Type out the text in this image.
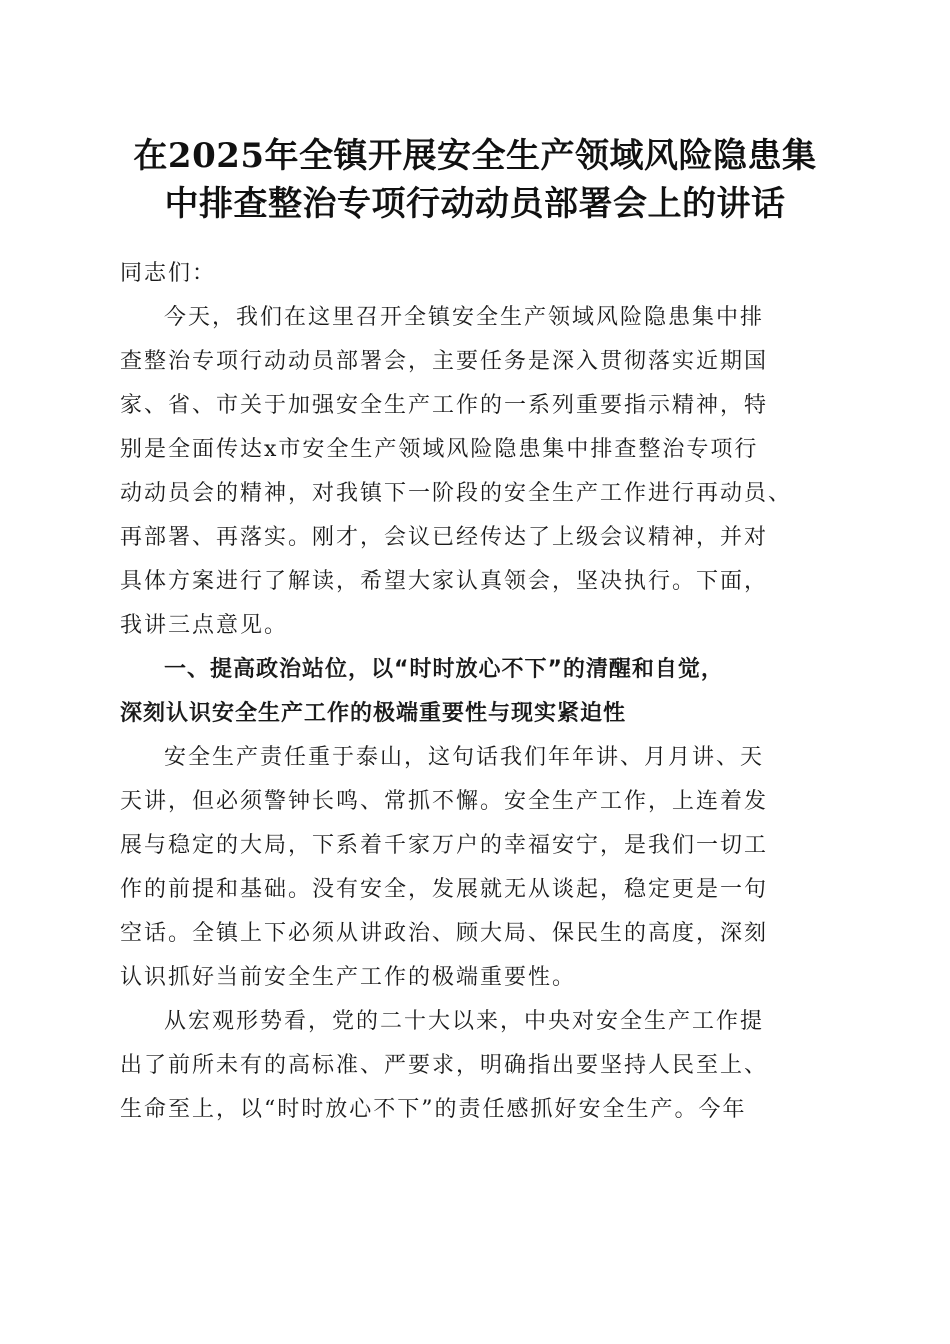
在2025年全镇开展安全生产领域风险隐患集
中排查整治专项行动动员部署会上的讲话

同志们：

今天，我们在这里召开全镇安全生产领域风险隐患集中排
查整治专项行动动员部署会，主要任务是深入贯彻落实近期国
家、省、市关于加强安全生产工作的一系列重要指示精神，特
别是全面传达x市安全生产领域风险隐患集中排查整治专项行
动动员会的精神，对我镇下一阶段的安全生产工作进行再动员、
再部署、再落实。刚才，会议已经传达了上级会议精神，并对
具体方案进行了解读，希望大家认真领会，坚决执行。下面，
我讲三点意见。
一、提高政治站位，以“时时放心不下”的清醒和自觉，
深刻认识安全生产工作的极端重要性与现实紧迫性
安全生产责任重于泰山，这句话我们年年讲、月月讲、天
天讲，但必须警钟长鸣、常抓不懈。安全生产工作，上连着发
展与稳定的大局，下系着千家万户的幸福安宁，是我们一切工
作的前提和基础。没有安全，发展就无从谈起，稳定更是一句
空话。全镇上下必须从讲政治、顾大局、保民生的高度，深刻
认识抓好当前安全生产工作的极端重要性。
从宏观形势看，党的二十大以来，中央对安全生产工作提
出了前所未有的高标准、严要求，明确指出要坚持人民至上、
生命至上，以“时时放心不下”的责任感抓好安全生产。今年
